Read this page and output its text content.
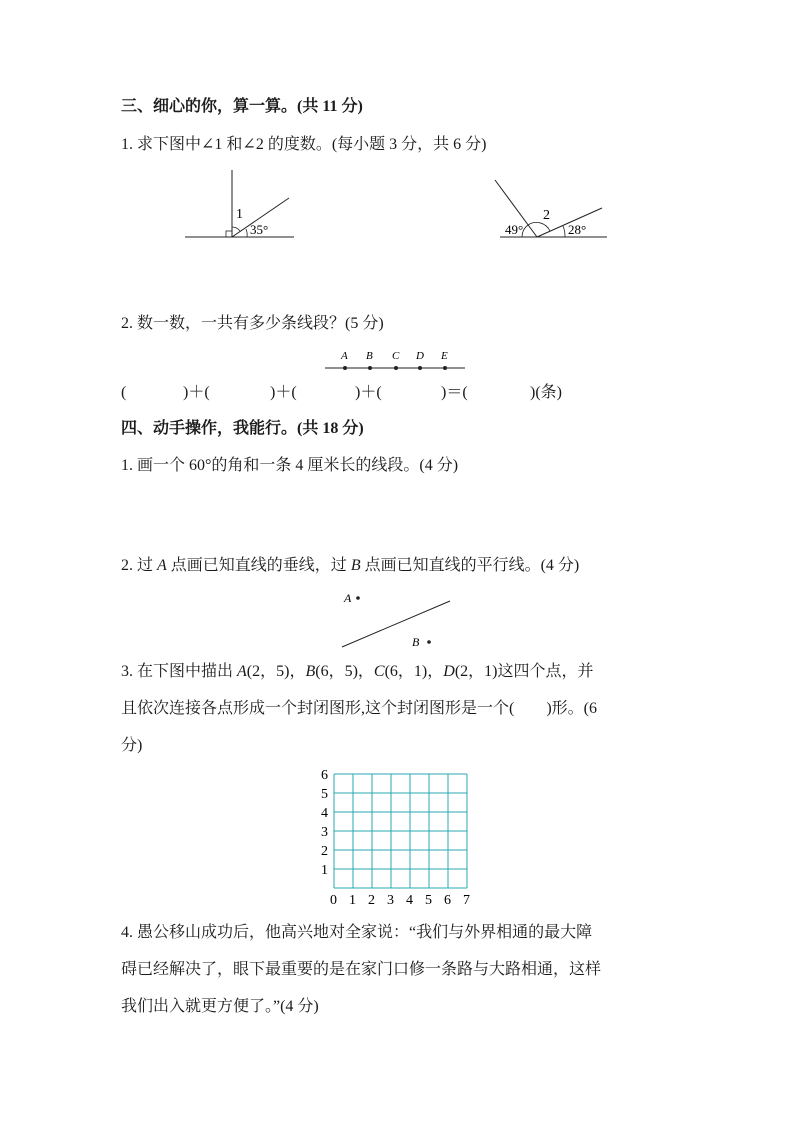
三、细心的你，算一算。(共 11 分)
1. 求下图中∠1 和∠2 的度数。(每小题 3 分，共 6 分)
1
35°
2
49°	28°
2. 数一数，一共有多少条线段？(5 分)
A B C D E
(	)＋(	)＋(	)＋(	)＝(	)(条)
四、动手操作，我能行。(共 18 分)
1. 画一个 60°的角和一条 4 厘米长的线段。(4 分)
2. 过 A 点画已知直线的垂线，过 B 点画已知直线的平行线。(4 分)
A
B
3. 在下图中描出 A(2，5)，B(6，5)，C(6，1)，D(2，1)这四个点，并
且依次连接各点形成一个封闭图形,这个封闭图形是一个(　　)形。(6
分)
0 1 2 3 4 5 6 7
1
2
3
4
5
6
4. 愚公移山成功后，他高兴地对全家说：“我们与外界相通的最大障
碍已经解决了，眼下最重要的是在家门口修一条路与大路相通，这样
我们出入就更方便了。”(4 分)
